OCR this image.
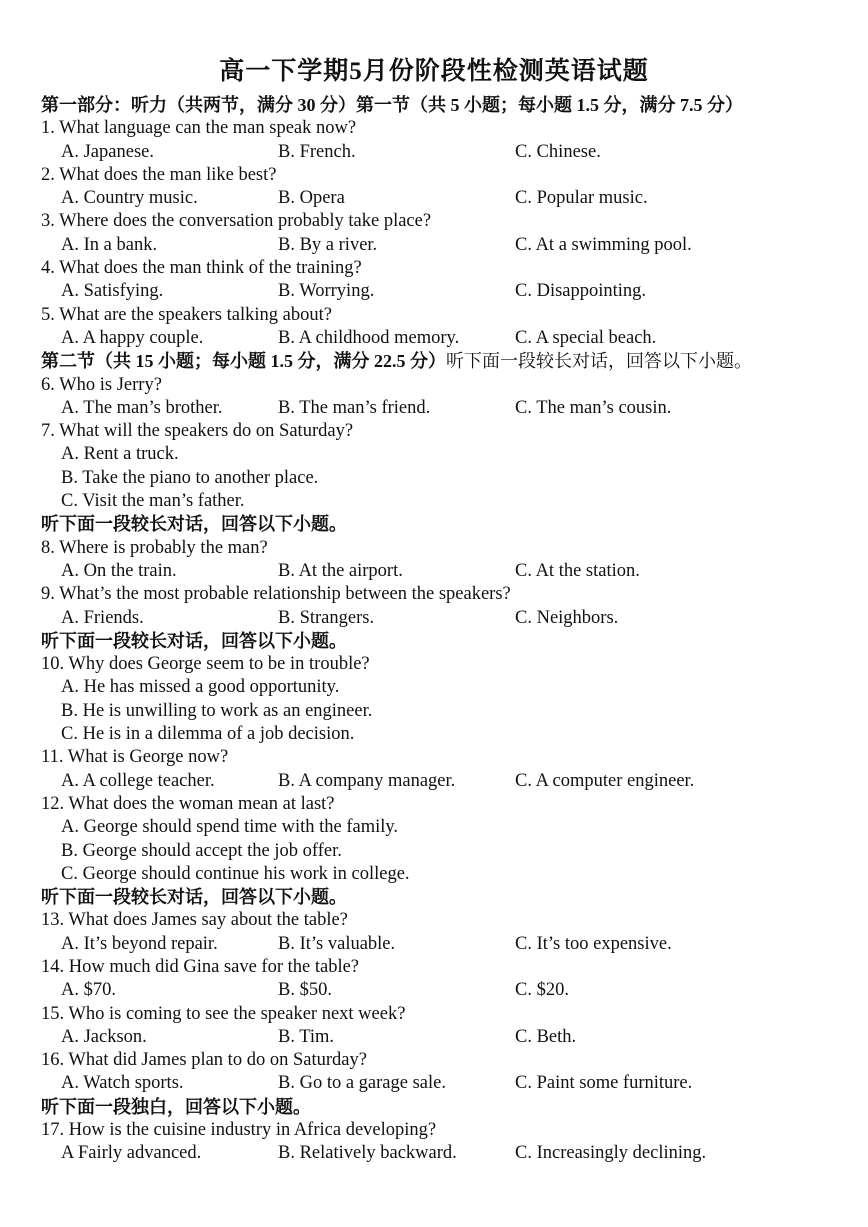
高一下学期5月份阶段性检测英语试题
第一部分：听力（共两节，满分 30 分）第一节（共 5 小题；每小题 1.5 分，满分 7.5 分）
1. What language can the man speak now?
A. Japanese.	B. French.	C. Chinese.
2. What does the man like best?
A. Country music.	B. Opera	C. Popular music.
3. Where does the conversation probably take place?
A. In a bank.	B. By a river.	C. At a swimming pool.
4. What does the man think of the training?
A. Satisfying.	B. Worrying.	C. Disappointing.
5. What are the speakers talking about?
A. A happy couple.	B. A childhood memory.	C. A special beach.
第二节（共 15 小题；每小题 1.5 分，满分 22.5 分）听下面一段较长对话，回答以下小题。
6. Who is Jerry?
A. The man’s brother.	B. The man’s friend.	C. The man’s cousin.
7. What will the speakers do on Saturday?
A. Rent a truck.
B. Take the piano to another place.
C. Visit the man’s father.
听下面一段较长对话，回答以下小题。
8. Where is probably the man?
A. On the train.	B. At the airport.	C. At the station.
9. What’s the most probable relationship between the speakers?
A. Friends.	B. Strangers.	C. Neighbors.
听下面一段较长对话，回答以下小题。
10. Why does George seem to be in trouble?
A. He has missed a good opportunity.
B. He is unwilling to work as an engineer.
C. He is in a dilemma of a job decision.
11. What is George now?
A. A college teacher.	B. A company manager.	C. A computer engineer.
12. What does the woman mean at last?
A. George should spend time with the family.
B. George should accept the job offer.
C. George should continue his work in college.
听下面一段较长对话，回答以下小题。
13. What does James say about the table?
A. It’s beyond repair.	B. It’s valuable.	C. It’s too expensive.
14. How much did Gina save for the table?
A. $70.	B. $50.	C. $20.
15. Who is coming to see the speaker next week?
A. Jackson.	B. Tim.	C. Beth.
16. What did James plan to do on Saturday?
A. Watch sports.	B. Go to a garage sale.	C. Paint some furniture.
听下面一段独白，回答以下小题。
17. How is the cuisine industry in Africa developing?
A Fairly advanced.	B. Relatively backward.	C. Increasingly declining.
